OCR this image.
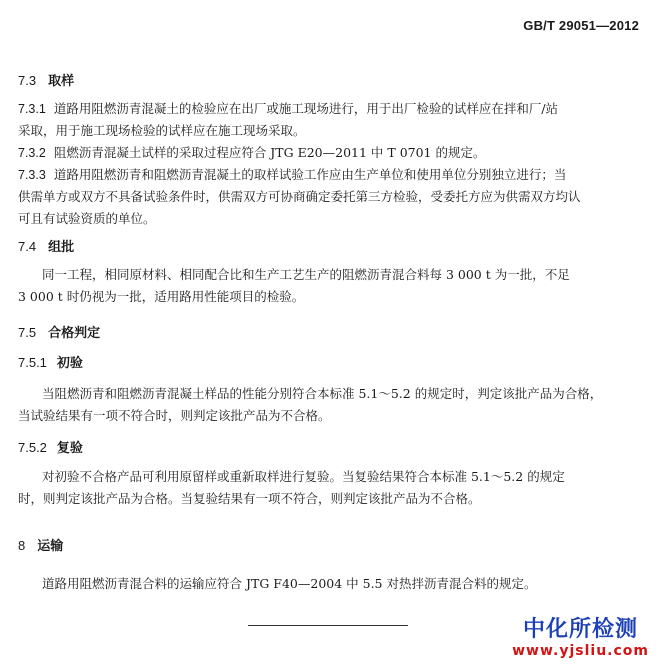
GB/T 29051—2012
7.3 取样
7.3.1 道路用阻燃沥青混凝土的检验应在出厂或施工现场进行，用于出厂检验的试样应在拌和厂/站
采取，用于施工现场检验的试样应在施工现场采取。
7.3.2 阻燃沥青混凝土试样的采取过程应符合 JTG E20—2011 中 T 0701 的规定。
7.3.3 道路用阻燃沥青和阻燃沥青混凝土的取样试验工作应由生产单位和使用单位分别独立进行；当
供需单方或双方不具备试验条件时，供需双方可协商确定委托第三方检验，受委托方应为供需双方均认
可且有试验资质的单位。
7.4 组批
同一工程，相同原材料、相同配合比和生产工艺生产的阻燃沥青混合料每 3 000 t 为一批，不足
3 000 t 时仍视为一批，适用路用性能项目的检验。
7.5 合格判定
7.5.1 初验
当阻燃沥青和阻燃沥青混凝土样品的性能分别符合本标准 5.1～5.2 的规定时，判定该批产品为合格，
当试验结果有一项不符合时，则判定该批产品为不合格。
7.5.2 复验
对初验不合格产品可利用原留样或重新取样进行复验。当复验结果符合本标准 5.1～5.2 的规定
时，则判定该批产品为合格。当复验结果有一项不符合，则判定该批产品为不合格。
8 运输
道路用阻燃沥青混合料的运输应符合 JTG F40—2004 中 5.5 对热拌沥青混合料的规定。
中化所检测
www.yjsliu.com
